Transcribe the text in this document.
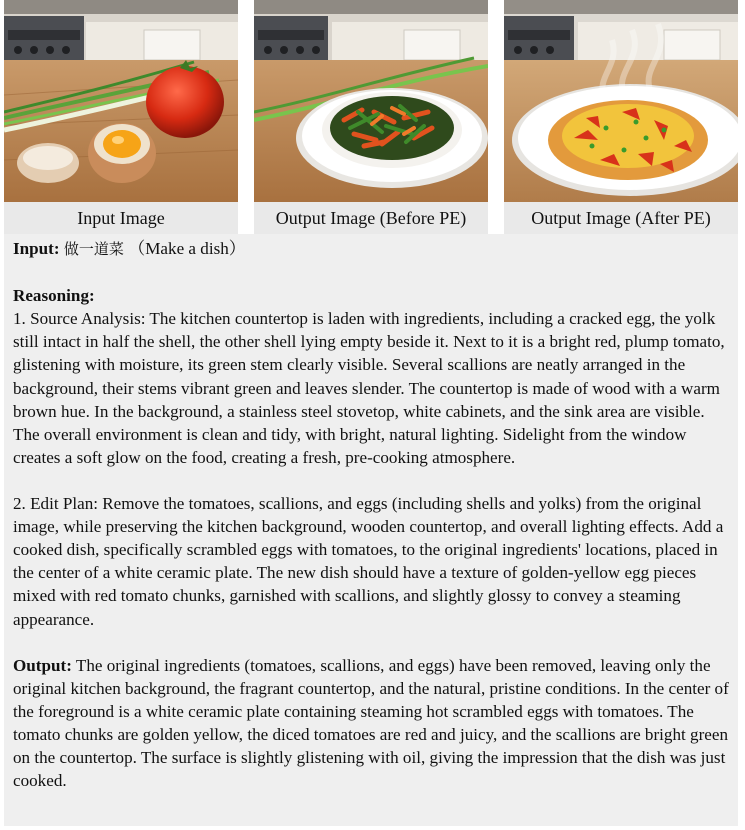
Input Image	Output Image (Before PE)	Output Image (After PE)

Input: 做一道菜 （Make a dish）

Reasoning:

1. Source Analysis: The kitchen countertop is laden with ingredients, including a cracked egg, the yolk still intact in half the shell, the other shell lying empty beside it. Next to it is a bright red, plump tomato, glistening with moisture, its green stem clearly visible. Several scallions are neatly arranged in the background, their stems vibrant green and leaves slender. The countertop is made of wood with a warm brown hue. In the background, a stainless steel stovetop, white cabinets, and the sink area are visible. The overall environment is clean and tidy, with bright, natural lighting. Sidelight from the window creates a soft glow on the food, creating a fresh, pre-cooking atmosphere.

2. Edit Plan: Remove the tomatoes, scallions, and eggs (including shells and yolks) from the original image, while preserving the kitchen background, wooden countertop, and overall lighting effects. Add a cooked dish, specifically scrambled eggs with tomatoes, to the original ingredients' locations, placed in the center of a white ceramic plate. The new dish should have a texture of golden-yellow egg pieces mixed with red tomato chunks, garnished with scallions, and slightly glossy to convey a steaming appearance.

Output: The original ingredients (tomatoes, scallions, and eggs) have been removed, leaving only the original kitchen background, the fragrant countertop, and the natural, pristine conditions. In the center of the foreground is a white ceramic plate containing steaming hot scrambled eggs with tomatoes. The tomato chunks are golden yellow, the diced tomatoes are red and juicy, and the scallions are bright green on the countertop. The surface is slightly glistening with oil, giving the impression that the dish was just cooked.
